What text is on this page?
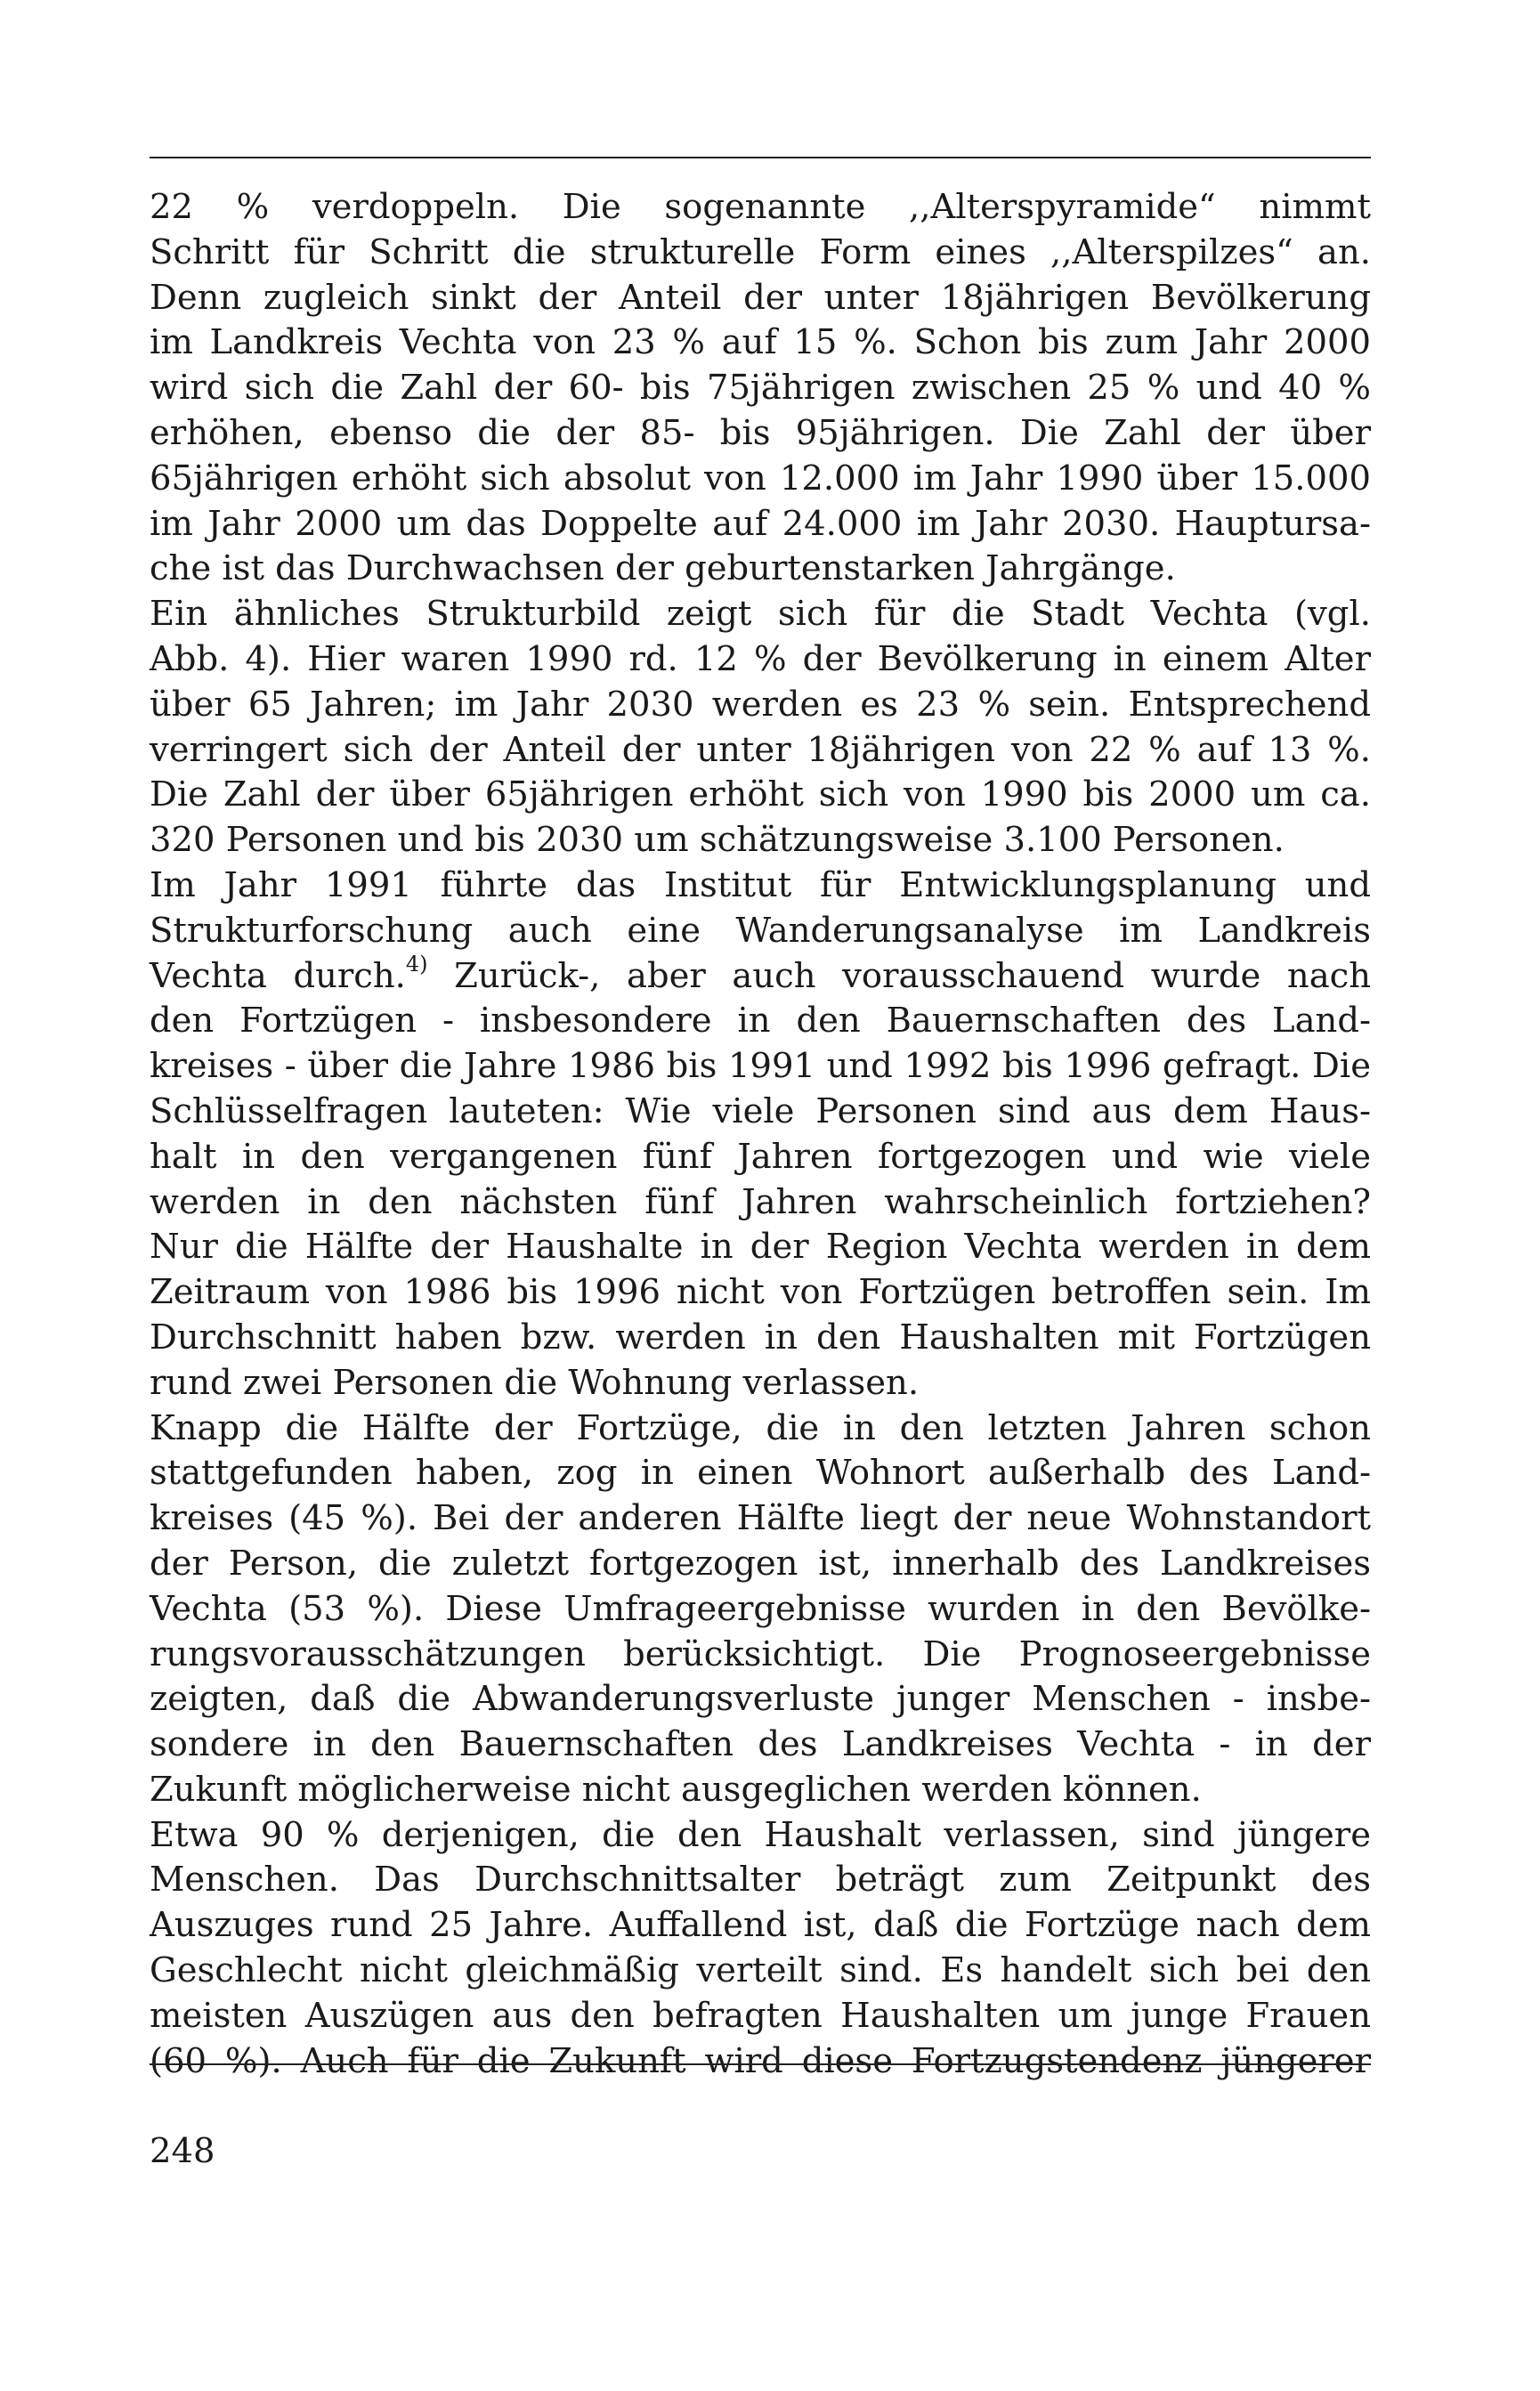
22 % verdoppeln. Die sogenannte ,,Alterspyramide“ nimmt
Schritt für Schritt die strukturelle Form eines ,,Alterspilzes“ an.
Denn zugleich sinkt der Anteil der unter 18jährigen Bevölkerung
im Landkreis Vechta von 23 % auf 15 %. Schon bis zum Jahr 2000
wird sich die Zahl der 60- bis 75jährigen zwischen 25 % und 40 %
erhöhen, ebenso die der 85- bis 95jährigen. Die Zahl der über
65jährigen erhöht sich absolut von 12.000 im Jahr 1990 über 15.000
im Jahr 2000 um das Doppelte auf 24.000 im Jahr 2030. Hauptursa-
che ist das Durchwachsen der geburtenstarken Jahrgänge.
Ein ähnliches Strukturbild zeigt sich für die Stadt Vechta (vgl.
Abb. 4). Hier waren 1990 rd. 12 % der Bevölkerung in einem Alter
über 65 Jahren; im Jahr 2030 werden es 23 % sein. Entsprechend
verringert sich der Anteil der unter 18jährigen von 22 % auf 13 %.
Die Zahl der über 65jährigen erhöht sich von 1990 bis 2000 um ca.
320 Personen und bis 2030 um schätzungsweise 3.100 Personen.
Im Jahr 1991 führte das Institut für Entwicklungsplanung und
Strukturforschung auch eine Wanderungsanalyse im Landkreis
Vechta durch.$^{4)}$ Zurück-, aber auch vorausschauend wurde nach
den Fortzügen - insbesondere in den Bauernschaften des Land-
kreises - über die Jahre 1986 bis 1991 und 1992 bis 1996 gefragt. Die
Schlüsselfragen lauteten: Wie viele Personen sind aus dem Haus-
halt in den vergangenen fünf Jahren fortgezogen und wie viele
werden in den nächsten fünf Jahren wahrscheinlich fortziehen?
Nur die Hälfte der Haushalte in der Region Vechta werden in dem
Zeitraum von 1986 bis 1996 nicht von Fortzügen betroffen sein. Im
Durchschnitt haben bzw. werden in den Haushalten mit Fortzügen
rund zwei Personen die Wohnung verlassen.
Knapp die Hälfte der Fortzüge, die in den letzten Jahren schon
stattgefunden haben, zog in einen Wohnort außerhalb des Land-
kreises (45 %). Bei der anderen Hälfte liegt der neue Wohnstandort
der Person, die zuletzt fortgezogen ist, innerhalb des Landkreises
Vechta (53 %). Diese Umfrageergebnisse wurden in den Bevölke-
rungsvorausschätzungen berücksichtigt. Die Prognoseergebnisse
zeigten, daß die Abwanderungsverluste junger Menschen - insbe-
sondere in den Bauernschaften des Landkreises Vechta - in der
Zukunft möglicherweise nicht ausgeglichen werden können.
Etwa 90 % derjenigen, die den Haushalt verlassen, sind jüngere
Menschen. Das Durchschnittsalter beträgt zum Zeitpunkt des
Auszuges rund 25 Jahre. Auffallend ist, daß die Fortzüge nach dem
Geschlecht nicht gleichmäßig verteilt sind. Es handelt sich bei den
meisten Auszügen aus den befragten Haushalten um junge Frauen
(60 %). Auch für die Zukunft wird diese Fortzugstendenz jüngerer
248
